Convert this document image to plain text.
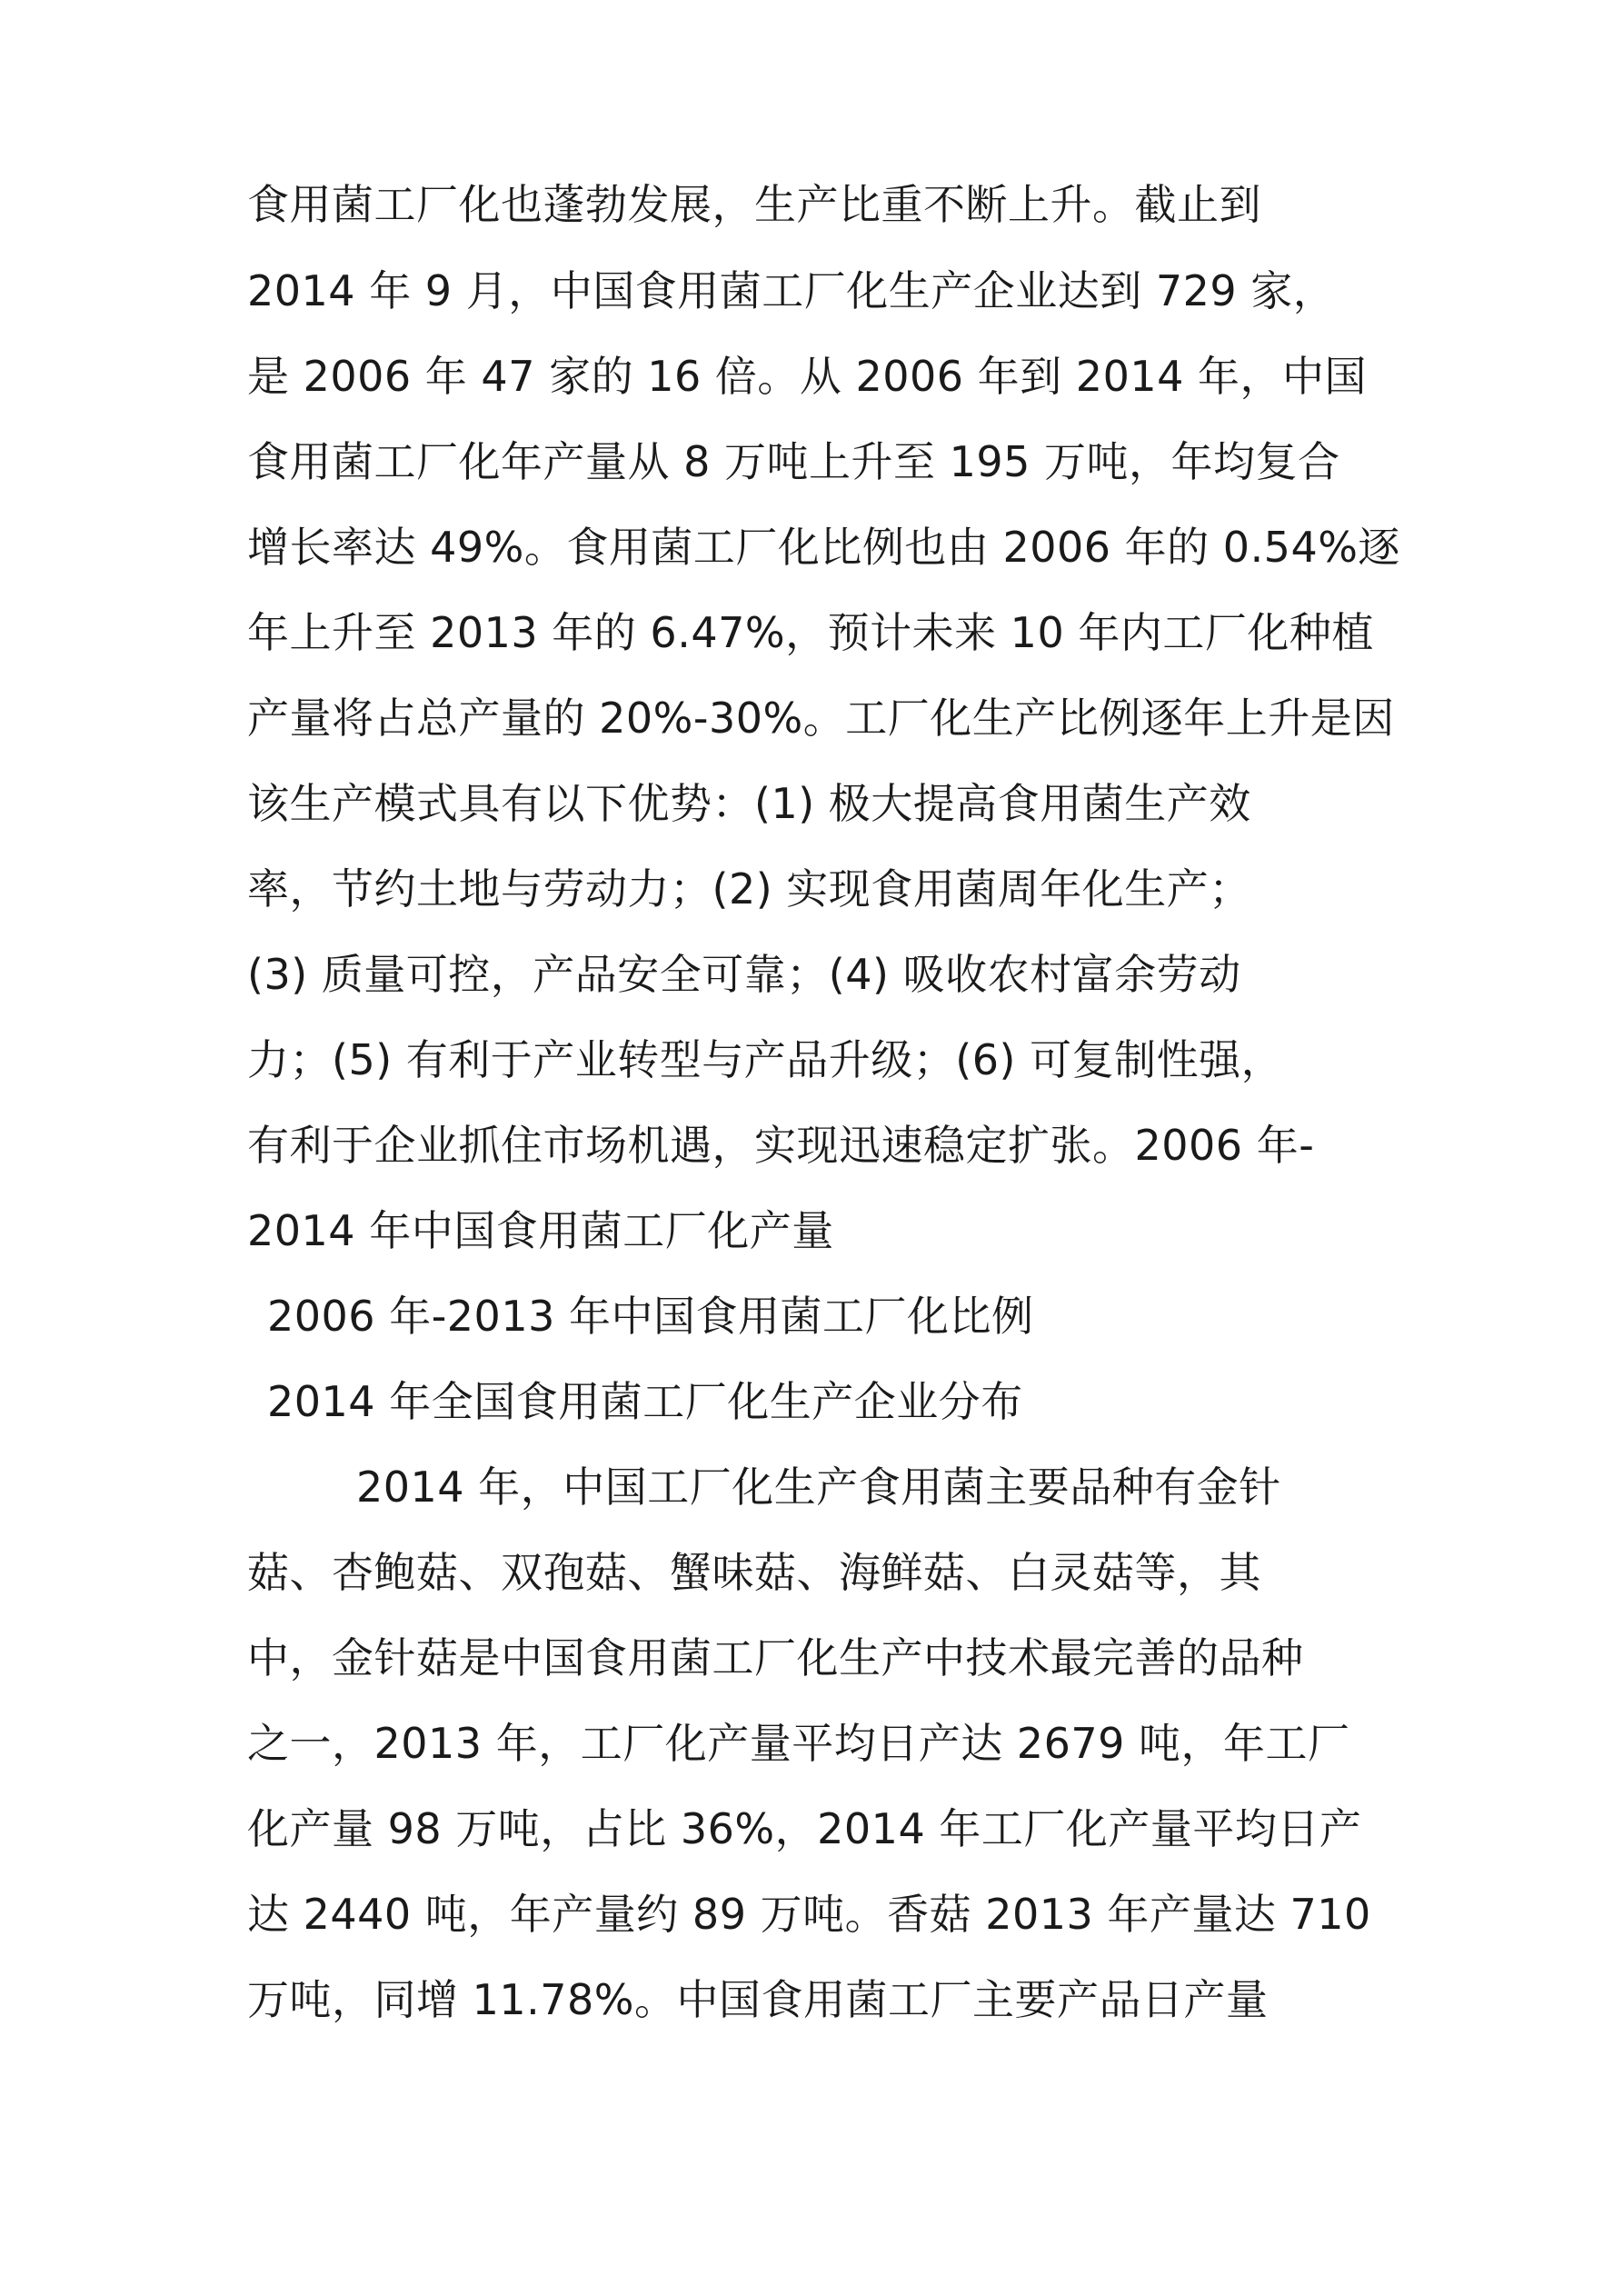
食用菌工厂化也蓬勃发展，生产比重不断上升。截止到

2014 年 9 月，中国食用菌工厂化生产企业达到 729 家，

是 2006 年 47 家的 16 倍。从 2006 年到 2014 年，中国

食用菌工厂化年产量从 8 万吨上升至 195 万吨，年均复合

增长率达 49%。食用菌工厂化比例也由 2006 年的 0.54%逐

年上升至 2013 年的 6.47%，预计未来 10 年内工厂化种植

产量将占总产量的 20%-30%。工厂化生产比例逐年上升是因

该生产模式具有以下优势：(1) 极大提高食用菌生产效

率，节约土地与劳动力；(2) 实现食用菌周年化生产；

(3) 质量可控，产品安全可靠；(4) 吸收农村富余劳动

力；(5) 有利于产业转型与产品升级；(6) 可复制性强，

有利于企业抓住市场机遇，实现迅速稳定扩张。2006 年-

2014 年中国食用菌工厂化产量

2006 年-2013 年中国食用菌工厂化比例

2014 年全国食用菌工厂化生产企业分布

2014 年，中国工厂化生产食用菌主要品种有金针

菇、杏鲍菇、双孢菇、蟹味菇、海鲜菇、白灵菇等，其

中，金针菇是中国食用菌工厂化生产中技术最完善的品种

之一，2013 年，工厂化产量平均日产达 2679 吨，年工厂

化产量 98 万吨，占比 36%，2014 年工厂化产量平均日产

达 2440 吨，年产量约 89 万吨。香菇 2013 年产量达 710

万吨，同增 11.78%。中国食用菌工厂主要产品日产量
